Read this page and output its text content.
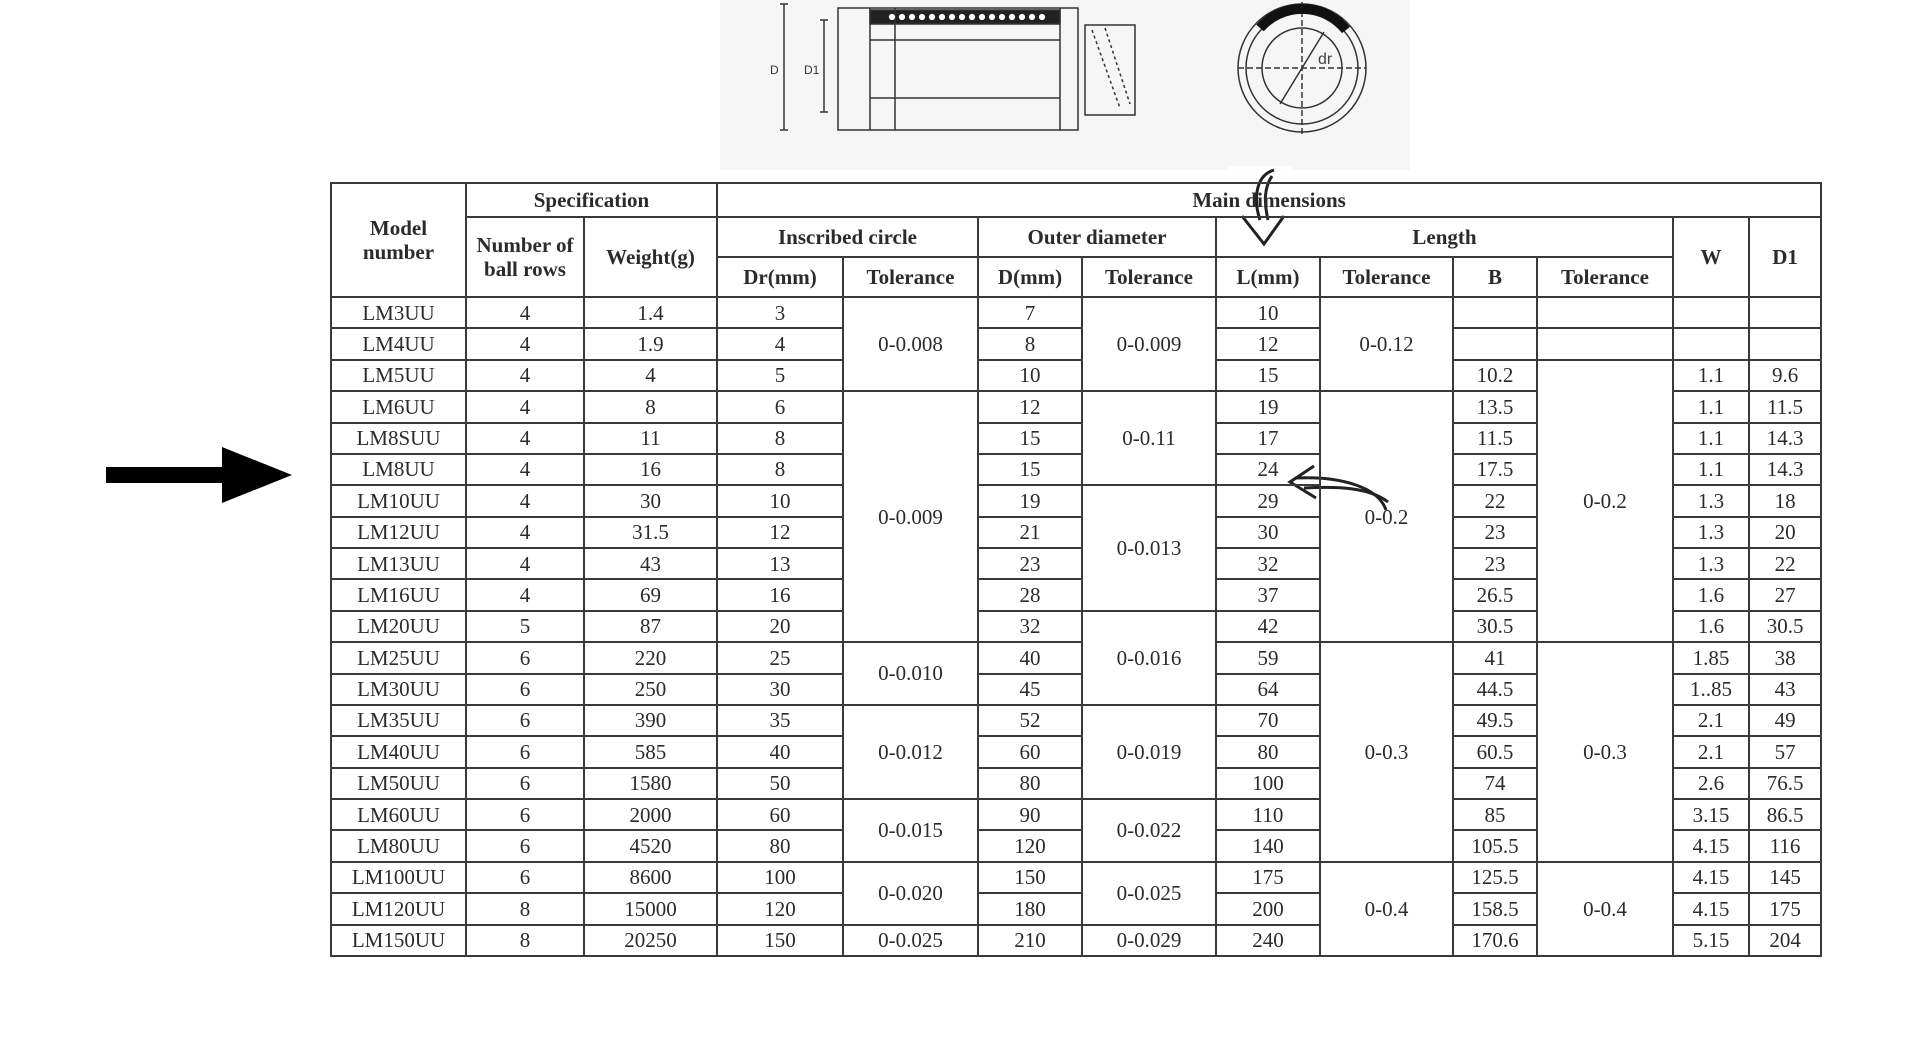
D D1
dr
Model number	Specification		Main dimensions									
	Number of ball rows	Weight(g)	Inscribed circle		Outer diameter		Length				W	D1
			Dr(mm)	Tolerance	D(mm)	Tolerance	L(mm)	Tolerance	B	Tolerance		
LM3UU	4	1.4	3	0-0.008	7	0-0.009	10	0-0.12				
LM4UU	4	1.9	4		8		12					
LM5UU	4	4	5		10		15		10.2	0-0.2	1.1	9.6
LM6UU	4	8	6	0-0.009	12	0-0.11	19	0-0.2	13.5		1.1	11.5
LM8SUU	4	11	8		15		17		11.5		1.1	14.3
LM8UU	4	16	8		15		24		17.5		1.1	14.3
LM10UU	4	30	10		19	0-0.013	29		22		1.3	18
LM12UU	4	31.5	12		21		30		23		1.3	20
LM13UU	4	43	13		23		32		23		1.3	22
LM16UU	4	69	16		28		37		26.5		1.6	27
LM20UU	5	87	20		32	0-0.016	42		30.5		1.6	30.5
LM25UU	6	220	25	0-0.010	40		59	0-0.3	41	0-0.3	1.85	38
LM30UU	6	250	30		45		64		44.5		1..85	43
LM35UU	6	390	35	0-0.012	52	0-0.019	70		49.5		2.1	49
LM40UU	6	585	40		60		80		60.5		2.1	57
LM50UU	6	1580	50		80		100		74		2.6	76.5
LM60UU	6	2000	60	0-0.015	90	0-0.022	110		85		3.15	86.5
LM80UU	6	4520	80		120		140		105.5		4.15	116
LM100UU	6	8600	100	0-0.020	150	0-0.025	175	0-0.4	125.5	0-0.4	4.15	145
LM120UU	8	15000	120		180		200		158.5		4.15	175
LM150UU	8	20250	150	0-0.025	210	0-0.029	240		170.6		5.15	204
